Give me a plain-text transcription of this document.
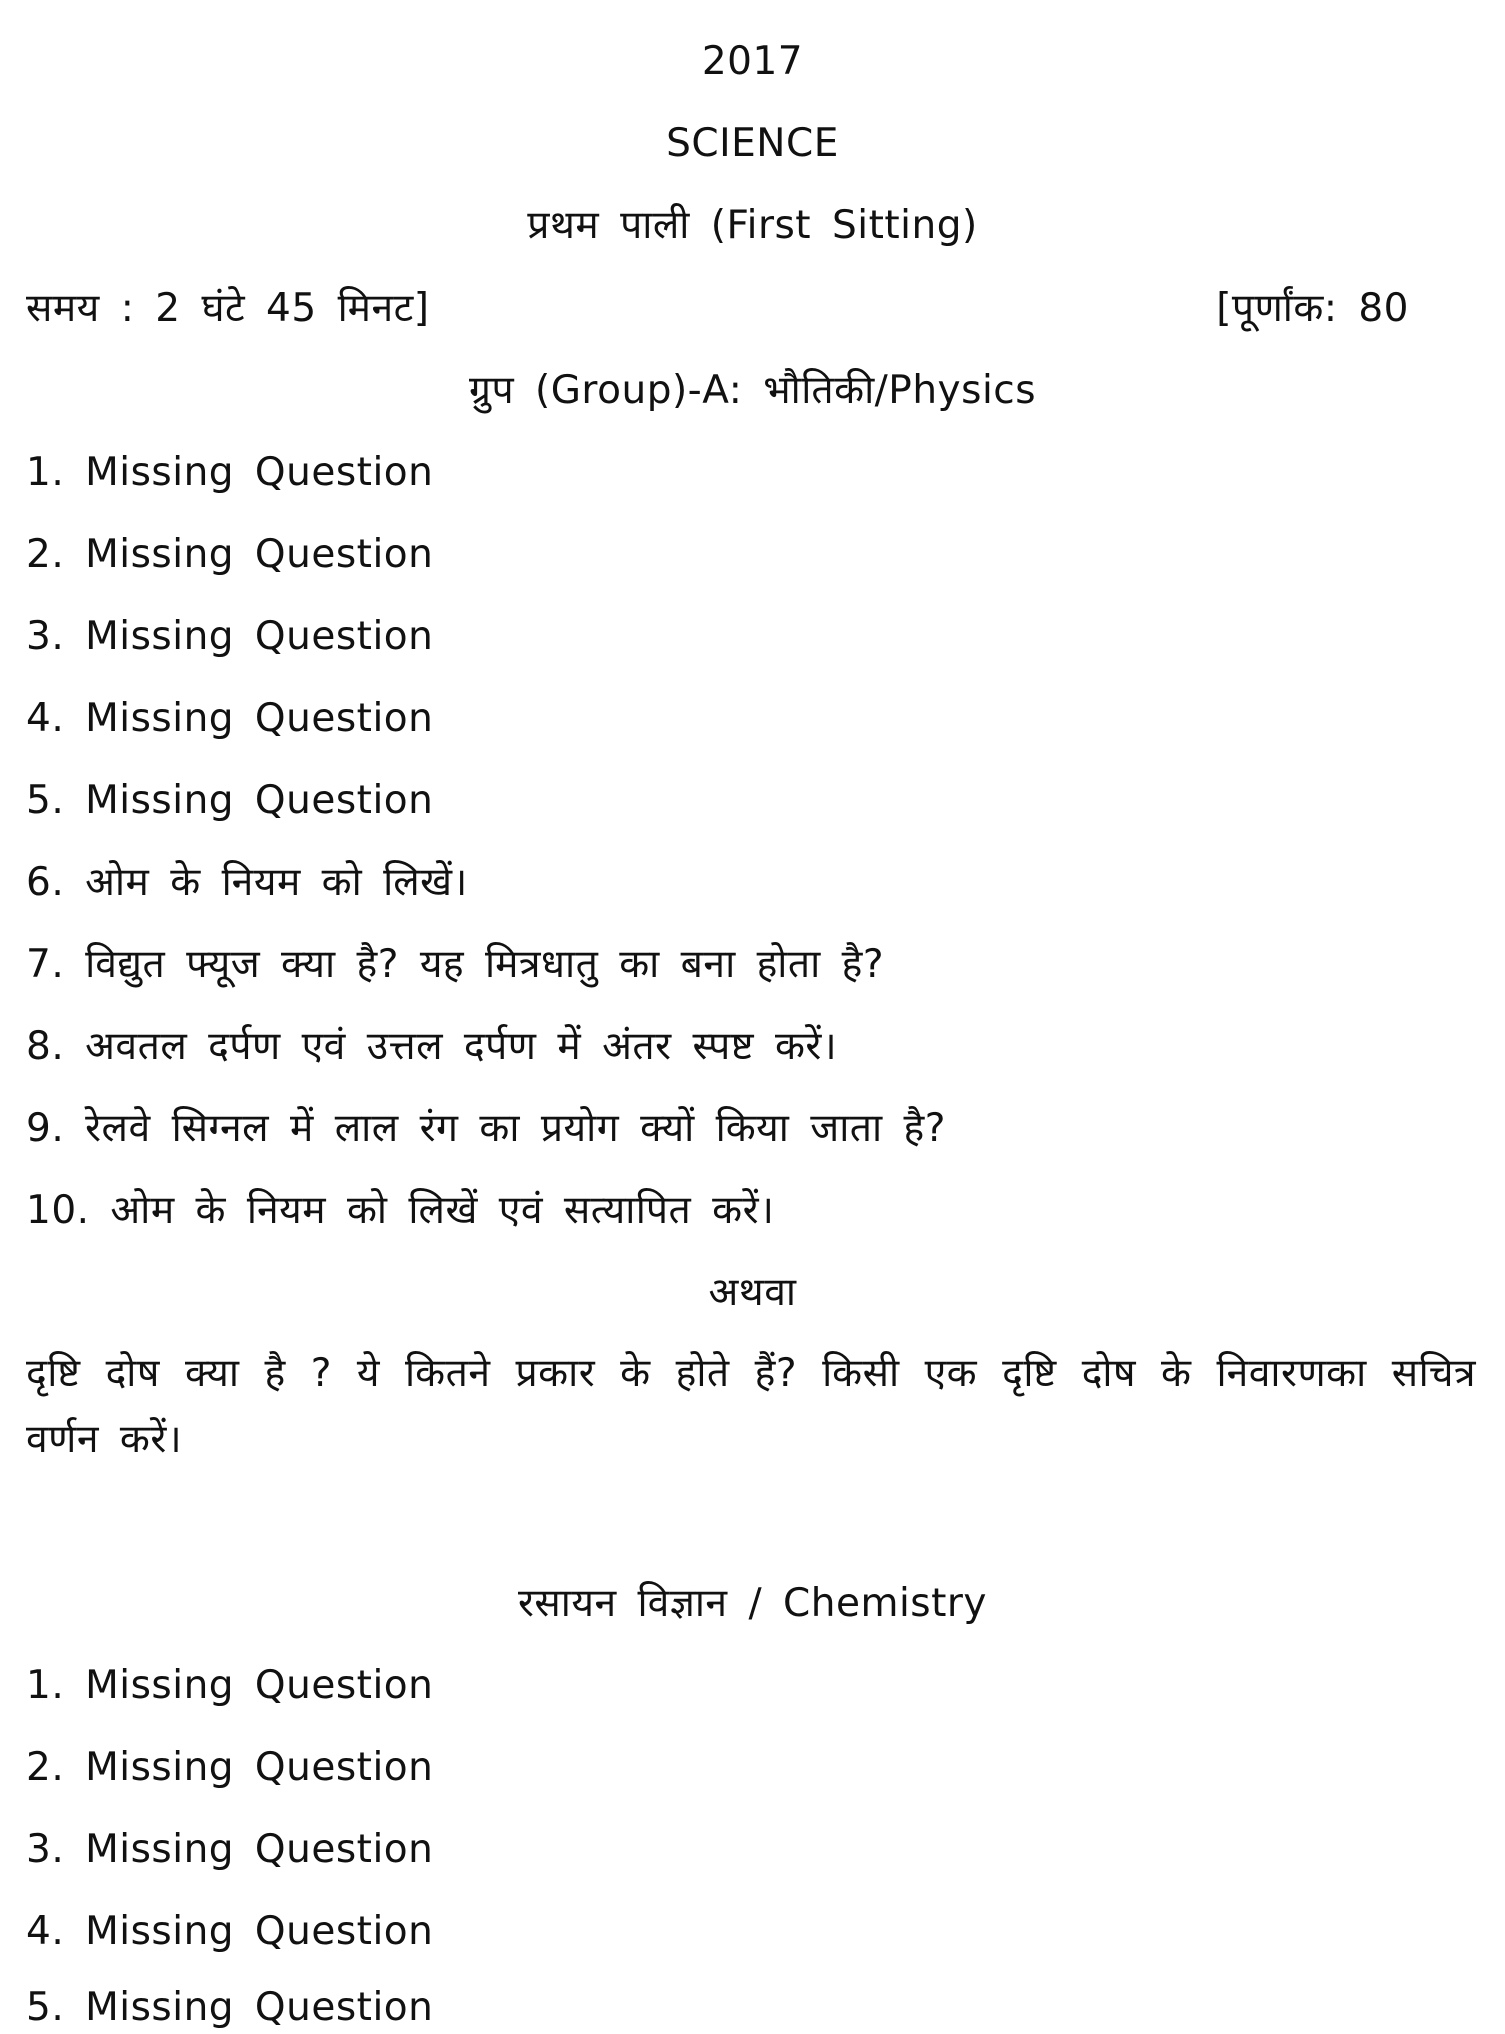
2017
SCIENCE
प्रथम पाली (First Sitting)
समय : 2 घंटे 45 मिनट]	[पूर्णांक: 80
ग्रुप (Group)-A: भौतिकी/Physics
1. Missing Question
2. Missing Question
3. Missing Question
4. Missing Question
5. Missing Question
6. ओम के नियम को लिखें।
7. विद्युत फ्यूज क्या है? यह मित्रधातु का बना होता है?
8. अवतल दर्पण एवं उत्तल दर्पण में अंतर स्पष्ट करें।
9. रेलवे सिग्नल में लाल रंग का प्रयोग क्यों किया जाता है?
10. ओम के नियम को लिखें एवं सत्यापित करें।
अथवा
दृष्टि दोष क्या है ? ये कितने प्रकार के होते हैं? किसी एक दृष्टि दोष के निवारणका सचित्र वर्णन करें।
रसायन विज्ञान / Chemistry
1. Missing Question
2. Missing Question
3. Missing Question
4. Missing Question
5. Missing Question
